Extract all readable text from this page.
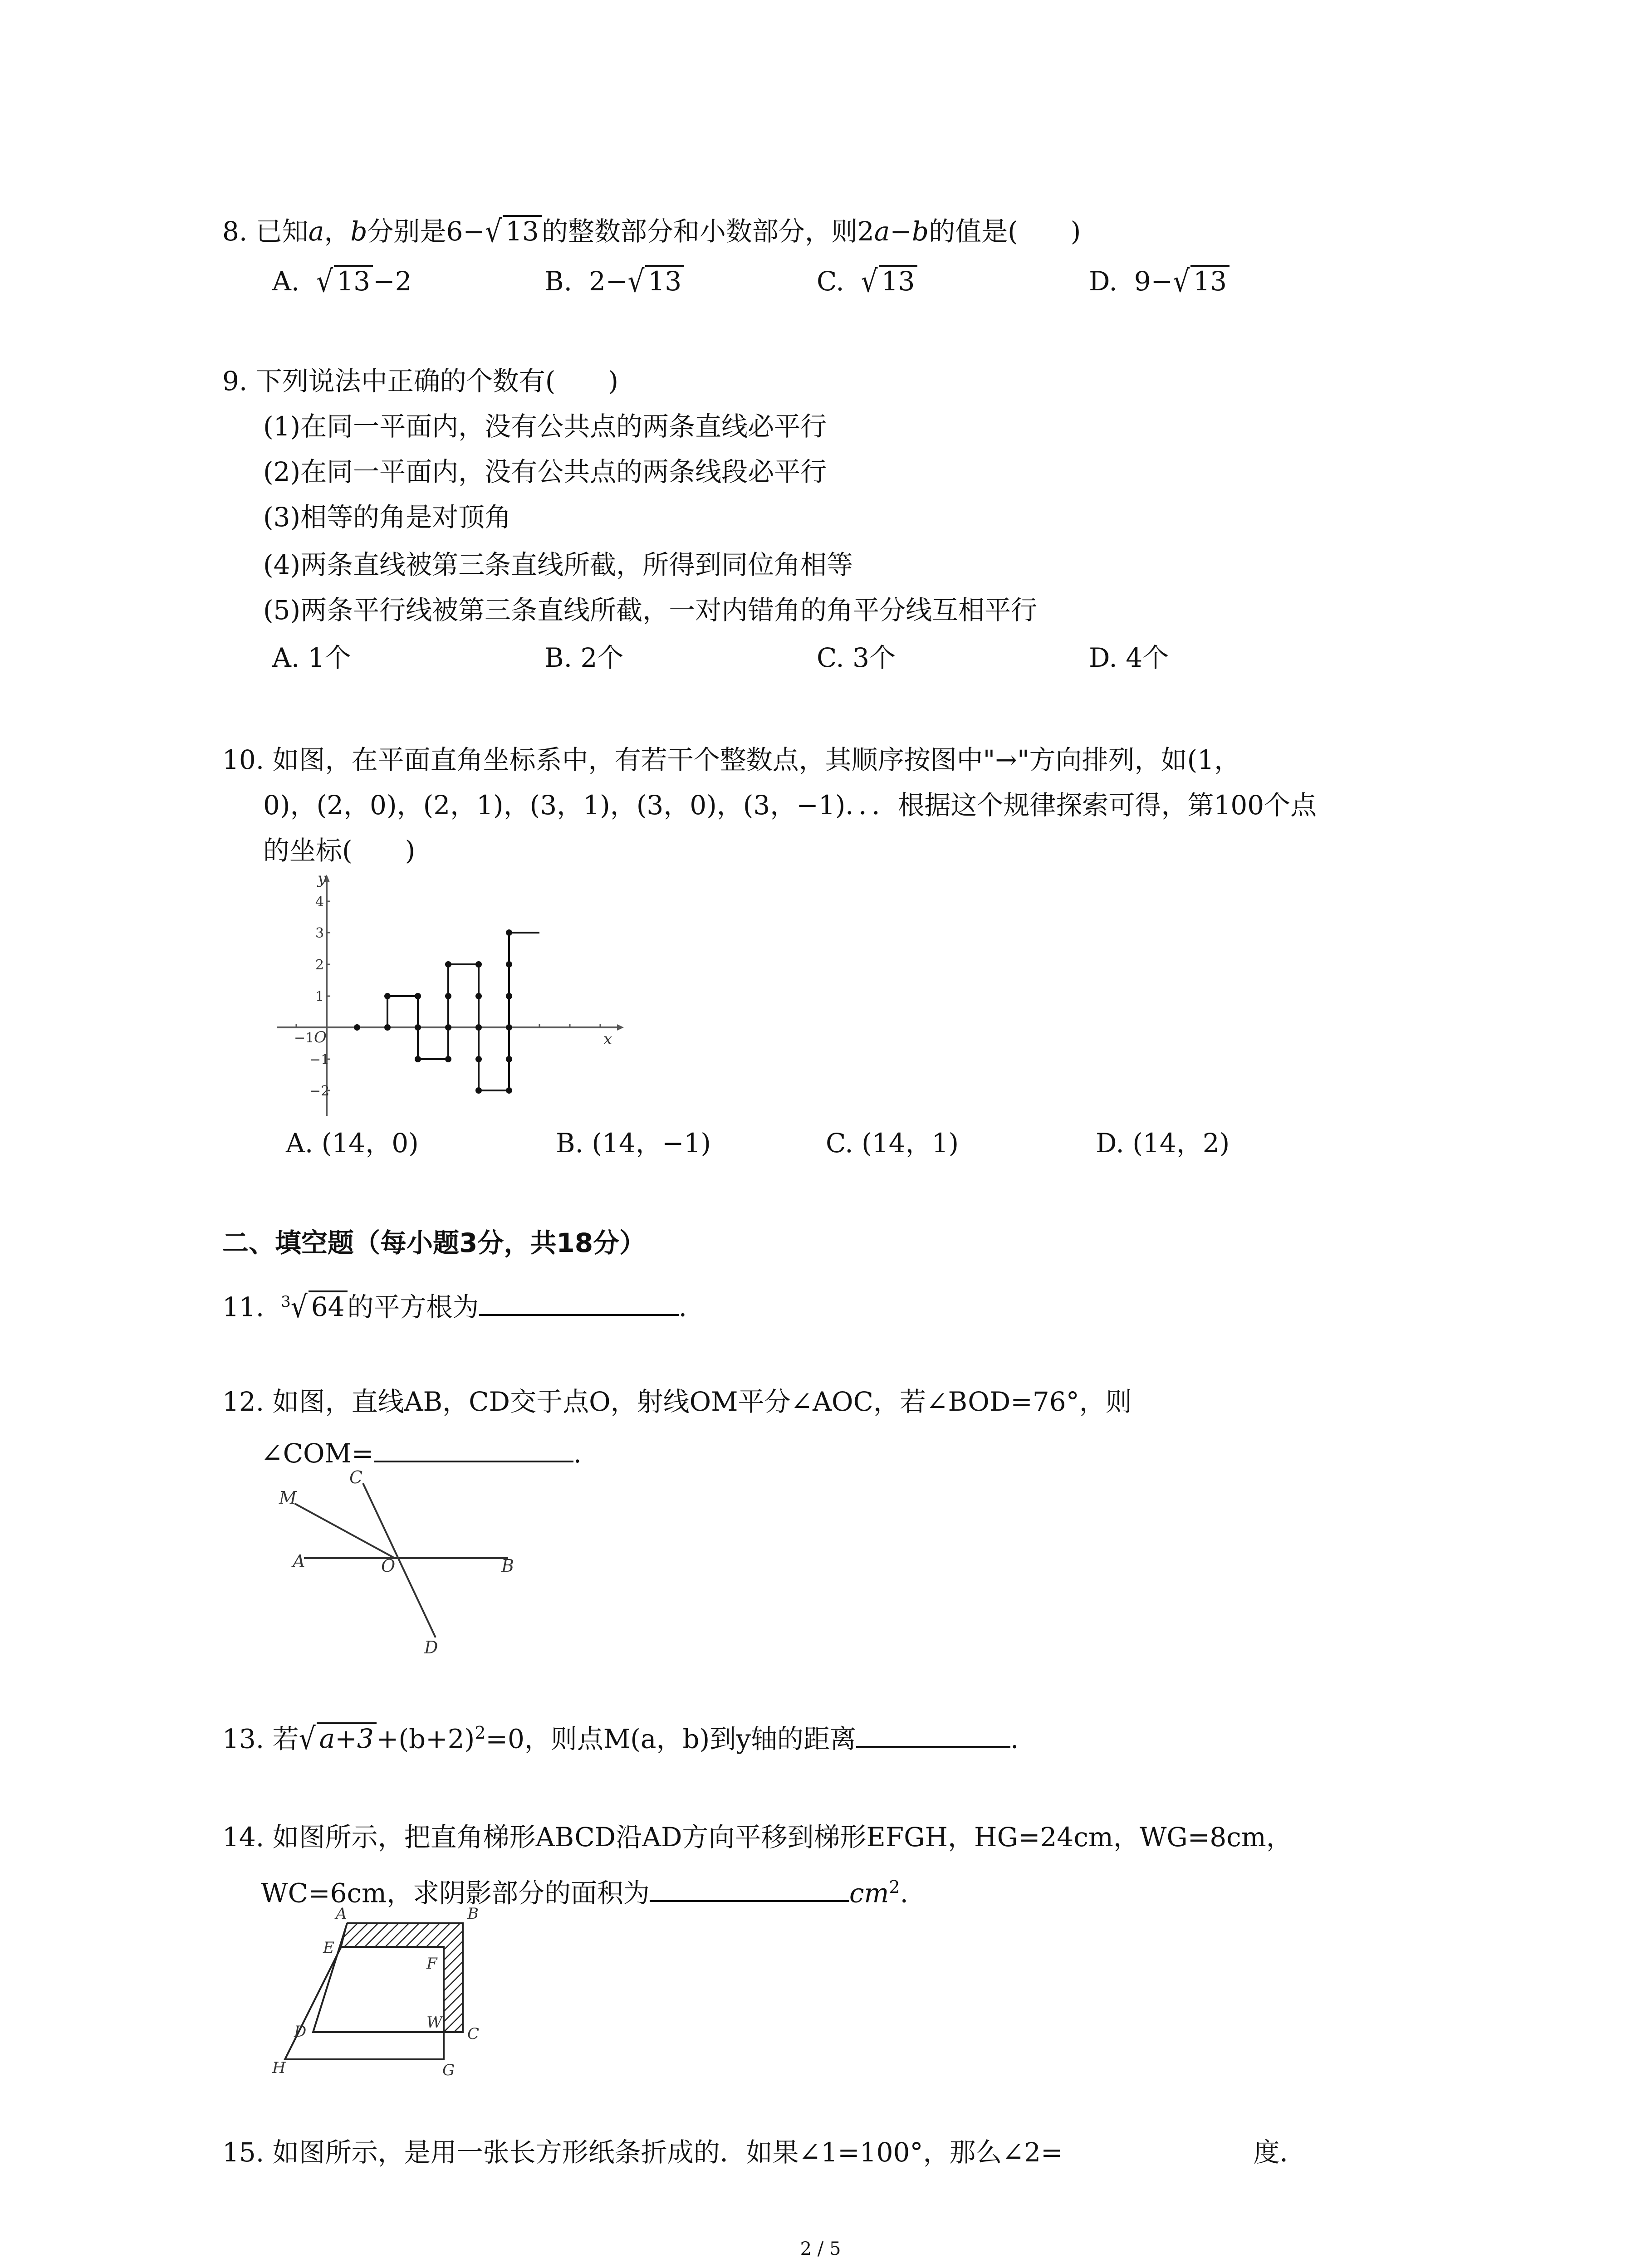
8. 已知a，b分别是6−√ 13 的整数部分和小数部分，则2a−b的值是(　　)
A. √ 13 −2	B. 2−√ 13	C. √ 13	D. 9−√ 13
9. 下列说法中正确的个数有(　　)
(1)在同一平面内，没有公共点的两条直线必平行
(2)在同一平面内，没有公共点的两条线段必平行
(3)相等的角是对顶角
(4)两条直线被第三条直线所截，所得到同位角相等
(5)两条平行线被第三条直线所截，一对内错角的角平分线互相平行
A. 1个	B. 2个	C. 3个	D. 4个
10. 如图，在平面直角坐标系中，有若干个整数点，其顺序按图中"→"方向排列，如(1，
0)，(2，0)，(2，1)，(3，1)，(3，0)，(3，−1)．．．根据这个规律探索可得，第100个点
的坐标(　　)
y
x
O
4
3
2
1
−1
−2
−1
A. (14，0)	B. (14，−1)	C. (14，1)	D. (14，2)
二、填空题（每小题3分，共18分）
11. $^3$√ 64 的平方根为	.
12. 如图，直线AB，CD交于点O，射线OM平分∠AOC，若∠BOD=76°，则
∠COM=	.
M
C
A	O	B
D
13. 若√ $a+3 +(b+2)^2=0$，则点M(a，b)到y轴的距离	.
14. 如图所示，把直角梯形ABCD沿AD方向平移到梯形EFGH，HG=24cm，WG=8cm，
WC=6cm，求阴影部分的面积为	$cm^2$.
A	B
E
F
D	W
C
H	G
15. 如图所示，是用一张长方形纸条折成的．如果∠1=100°，那么∠2=	度．
2 / 5
